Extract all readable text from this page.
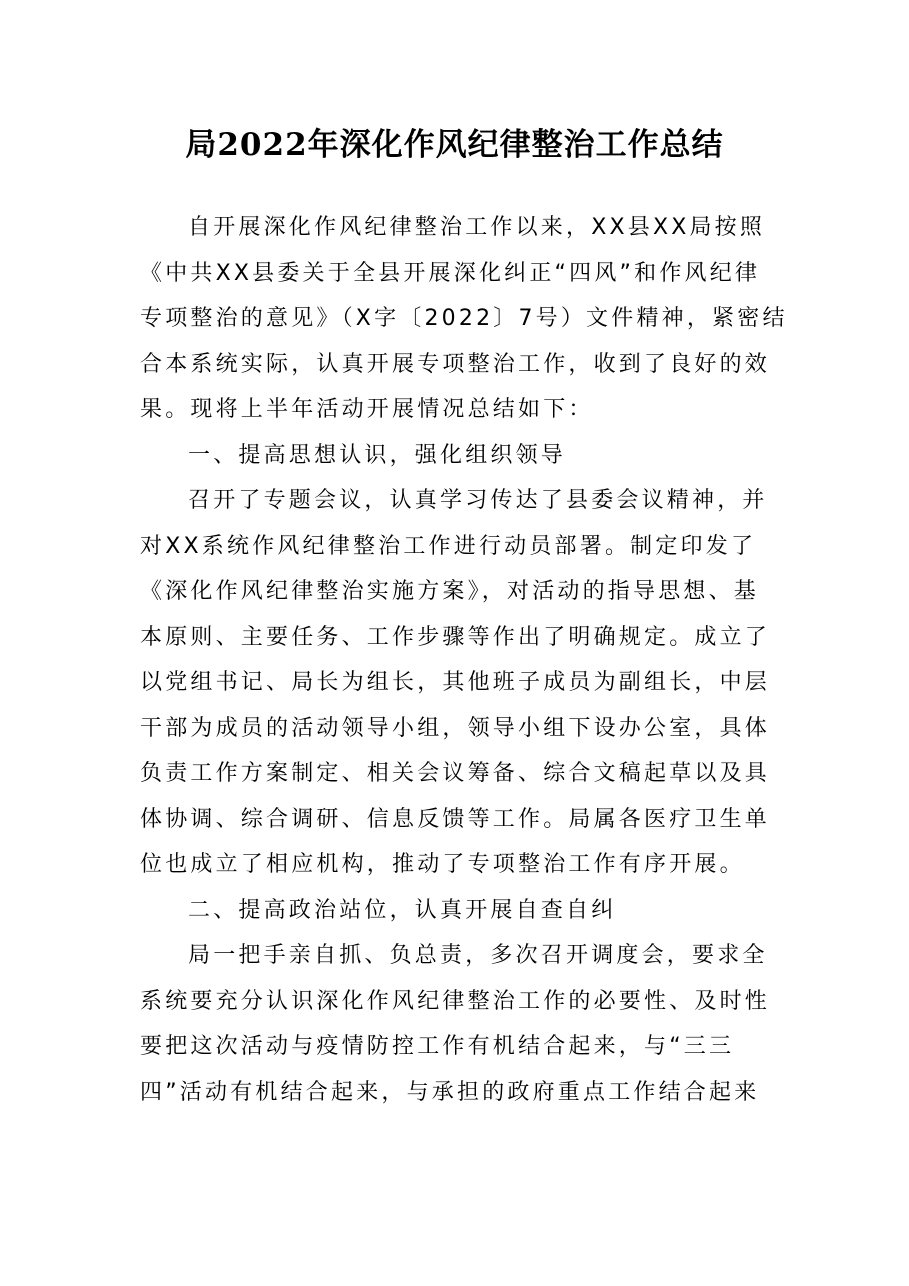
局2022年深化作风纪律整治工作总结
自开展深化作风纪律整治工作以来，XX县XX局按照
《中共XX县委关于全县开展深化纠正“四风”和作风纪律
专项整治的意见》（X字〔2022〕7号）文件精神，紧密结
合本系统实际，认真开展专项整治工作，收到了良好的效
果。现将上半年活动开展情况总结如下：
一、提高思想认识，强化组织领导
召开了专题会议，认真学习传达了县委会议精神，并
对XX系统作风纪律整治工作进行动员部署。制定印发了
《深化作风纪律整治实施方案》，对活动的指导思想、基
本原则、主要任务、工作步骤等作出了明确规定。成立了
以党组书记、局长为组长，其他班子成员为副组长，中层
干部为成员的活动领导小组，领导小组下设办公室，具体
负责工作方案制定、相关会议筹备、综合文稿起草以及具
体协调、综合调研、信息反馈等工作。局属各医疗卫生单
位也成立了相应机构，推动了专项整治工作有序开展。
二、提高政治站位，认真开展自查自纠
局一把手亲自抓、负总责，多次召开调度会，要求全
系统要充分认识深化作风纪律整治工作的必要性、及时性
要把这次活动与疫情防控工作有机结合起来，与“三三
四”活动有机结合起来，与承担的政府重点工作结合起来
